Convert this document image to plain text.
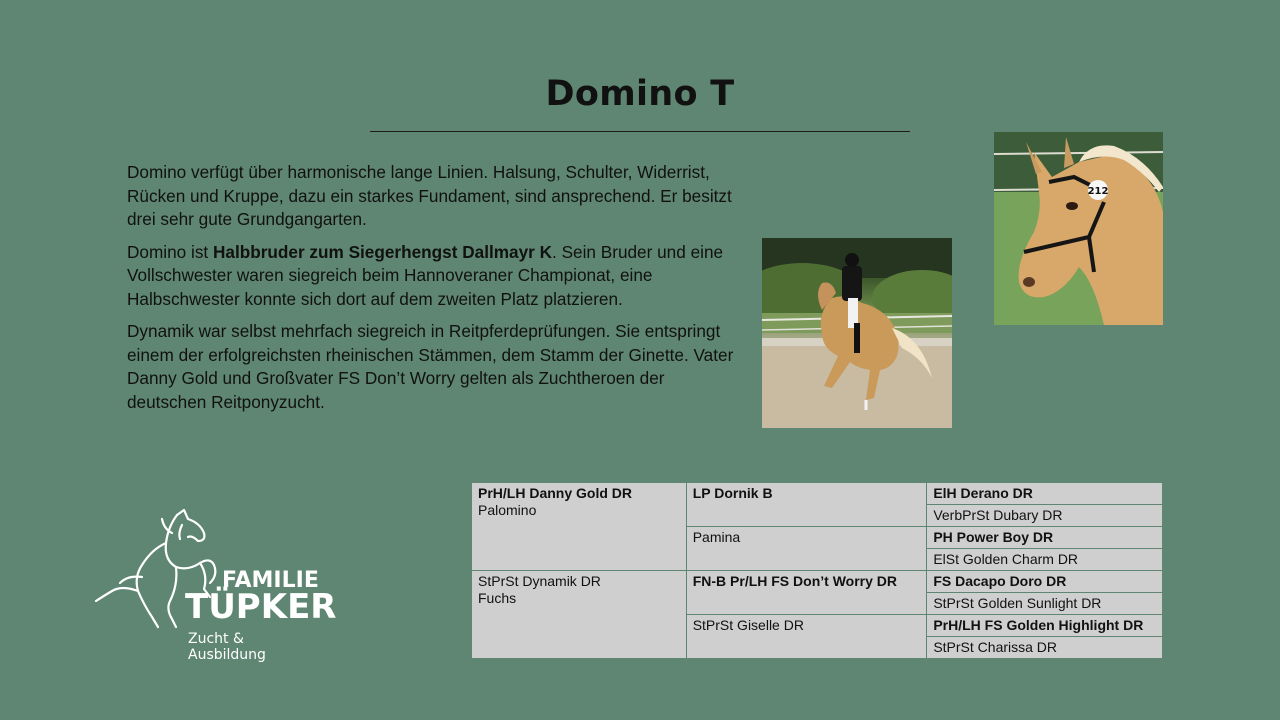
Domino T

Domino verfügt über harmonische lange Linien. Halsung, Schulter, Widerrist, Rücken und Kruppe, dazu ein starkes Fundament, sind ansprechend. Er besitzt drei sehr gute Grundgangarten.

Domino ist Halbbruder zum Siegerhengst Dallmayr K. Sein Bruder und eine Vollschwester waren siegreich beim Hannoveraner Championat, eine Halbschwester konnte sich dort auf dem zweiten Platz platzieren.

Dynamik war selbst mehrfach siegreich in Reitpferdeprüfungen. Sie entspringt einem der erfolgreichsten rheinischen Stämmen, dem Stamm der Ginette. Vater Danny Gold und Großvater FS Don’t Worry gelten als Zuchtheroen der deutschen Reitponyzucht.

212
FAMILIE
TÜPKER
Zucht & Ausbildung
PrH/LH Danny Gold DR
Palomino	LP Dornik B	ElH Derano DR
		VerbPrSt Dubary DR
	Pamina	PH Power Boy DR
		ElSt Golden Charm DR

StPrSt Dynamik DR
Fuchs	FN-B Pr/LH FS Don’t Worry DR	FS Dacapo Doro DR
		StPrSt Golden Sunlight DR
	StPrSt Giselle DR	PrH/LH FS Golden Highlight DR
		StPrSt Charissa DR
